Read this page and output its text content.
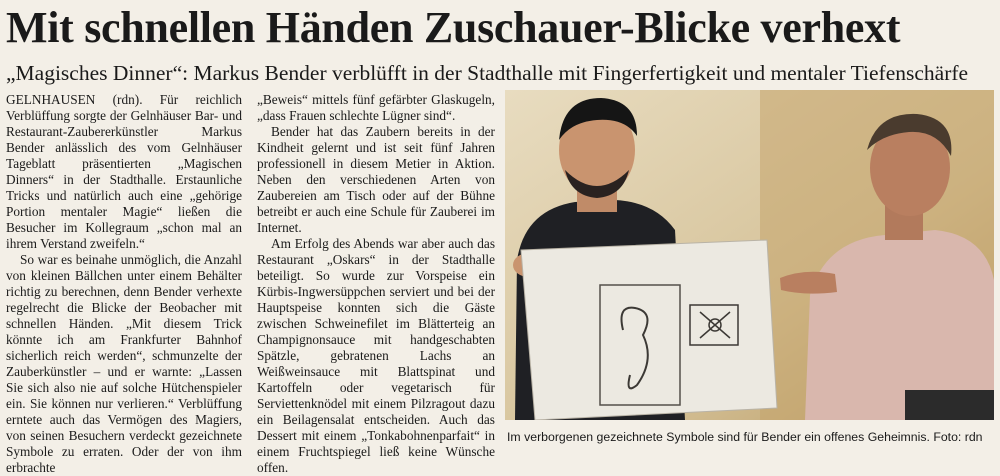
Mit schnellen Händen Zuschauer-Blicke verhext
„Magisches Dinner“: Markus Bender verblüfft in der Stadthalle mit Fingerfertigkeit und mentaler Tiefenschärfe

GELNHAUSEN (rdn). Für reichlich Verblüffung sorgte der Gelnhäuser Bar- und Restaurant-Zaubererkünstler Markus Bender anlässlich des vom Gelnhäuser Tageblatt präsentierten „Magischen Dinners“ in der Stadthalle. Erstaunliche Tricks und natürlich auch eine „gehörige Portion mentaler Magie“ ließen die Besucher im Kollegraum „schon mal an ihrem Verstand zweifeln.“

So war es beinahe unmöglich, die Anzahl von kleinen Bällchen unter einem Behälter richtig zu berechnen, denn Bender verhexte regelrecht die Blicke der Beobacher mit schnellen Händen. „Mit diesem Trick könnte ich am Frankfurter Bahnhof sicherlich reich werden“, schmunzelte der Zauberkünstler – und er warnte: „Lassen Sie sich also nie auf solche Hütchenspieler ein. Sie können nur verlieren.“ Verblüffung erntete auch das Vermögen des Magiers, von seinen Besuchern verdeckt gezeichnete Symbole zu erraten. Oder der von ihm erbrachte

„Beweis“ mittels fünf gefärbter Glaskugeln, „dass Frauen schlechte Lügner sind“.

Bender hat das Zaubern bereits in der Kindheit gelernt und ist seit fünf Jahren professionell in diesem Metier in Aktion. Neben den verschiedenen Arten von Zaubereien am Tisch oder auf der Bühne betreibt er auch eine Schule für Zauberei im Internet.

Am Erfolg des Abends war aber auch das Restaurant „Oskars“ in der Stadthalle beteiligt. So wurde zur Vorspeise ein Kürbis-Ingwersüppchen serviert und bei der Hauptspeise konnten sich die Gäste zwischen Schweinefilet im Blätterteig an Champignonsauce mit handgeschabten Spätzle, gebratenen Lachs an Weißweinsauce mit Blattspinat und Kartoffeln oder vegetarisch für Serviettenknödel mit einem Pilzragout dazu ein Beilagensalat entscheiden. Auch das Dessert mit einem „Tonkabohnenparfait“ in einem Fruchtspiegel ließ keine Wünsche offen.

Im verborgenen gezeichnete Symbole sind für Bender ein offenes Geheimnis. Foto: rdn
